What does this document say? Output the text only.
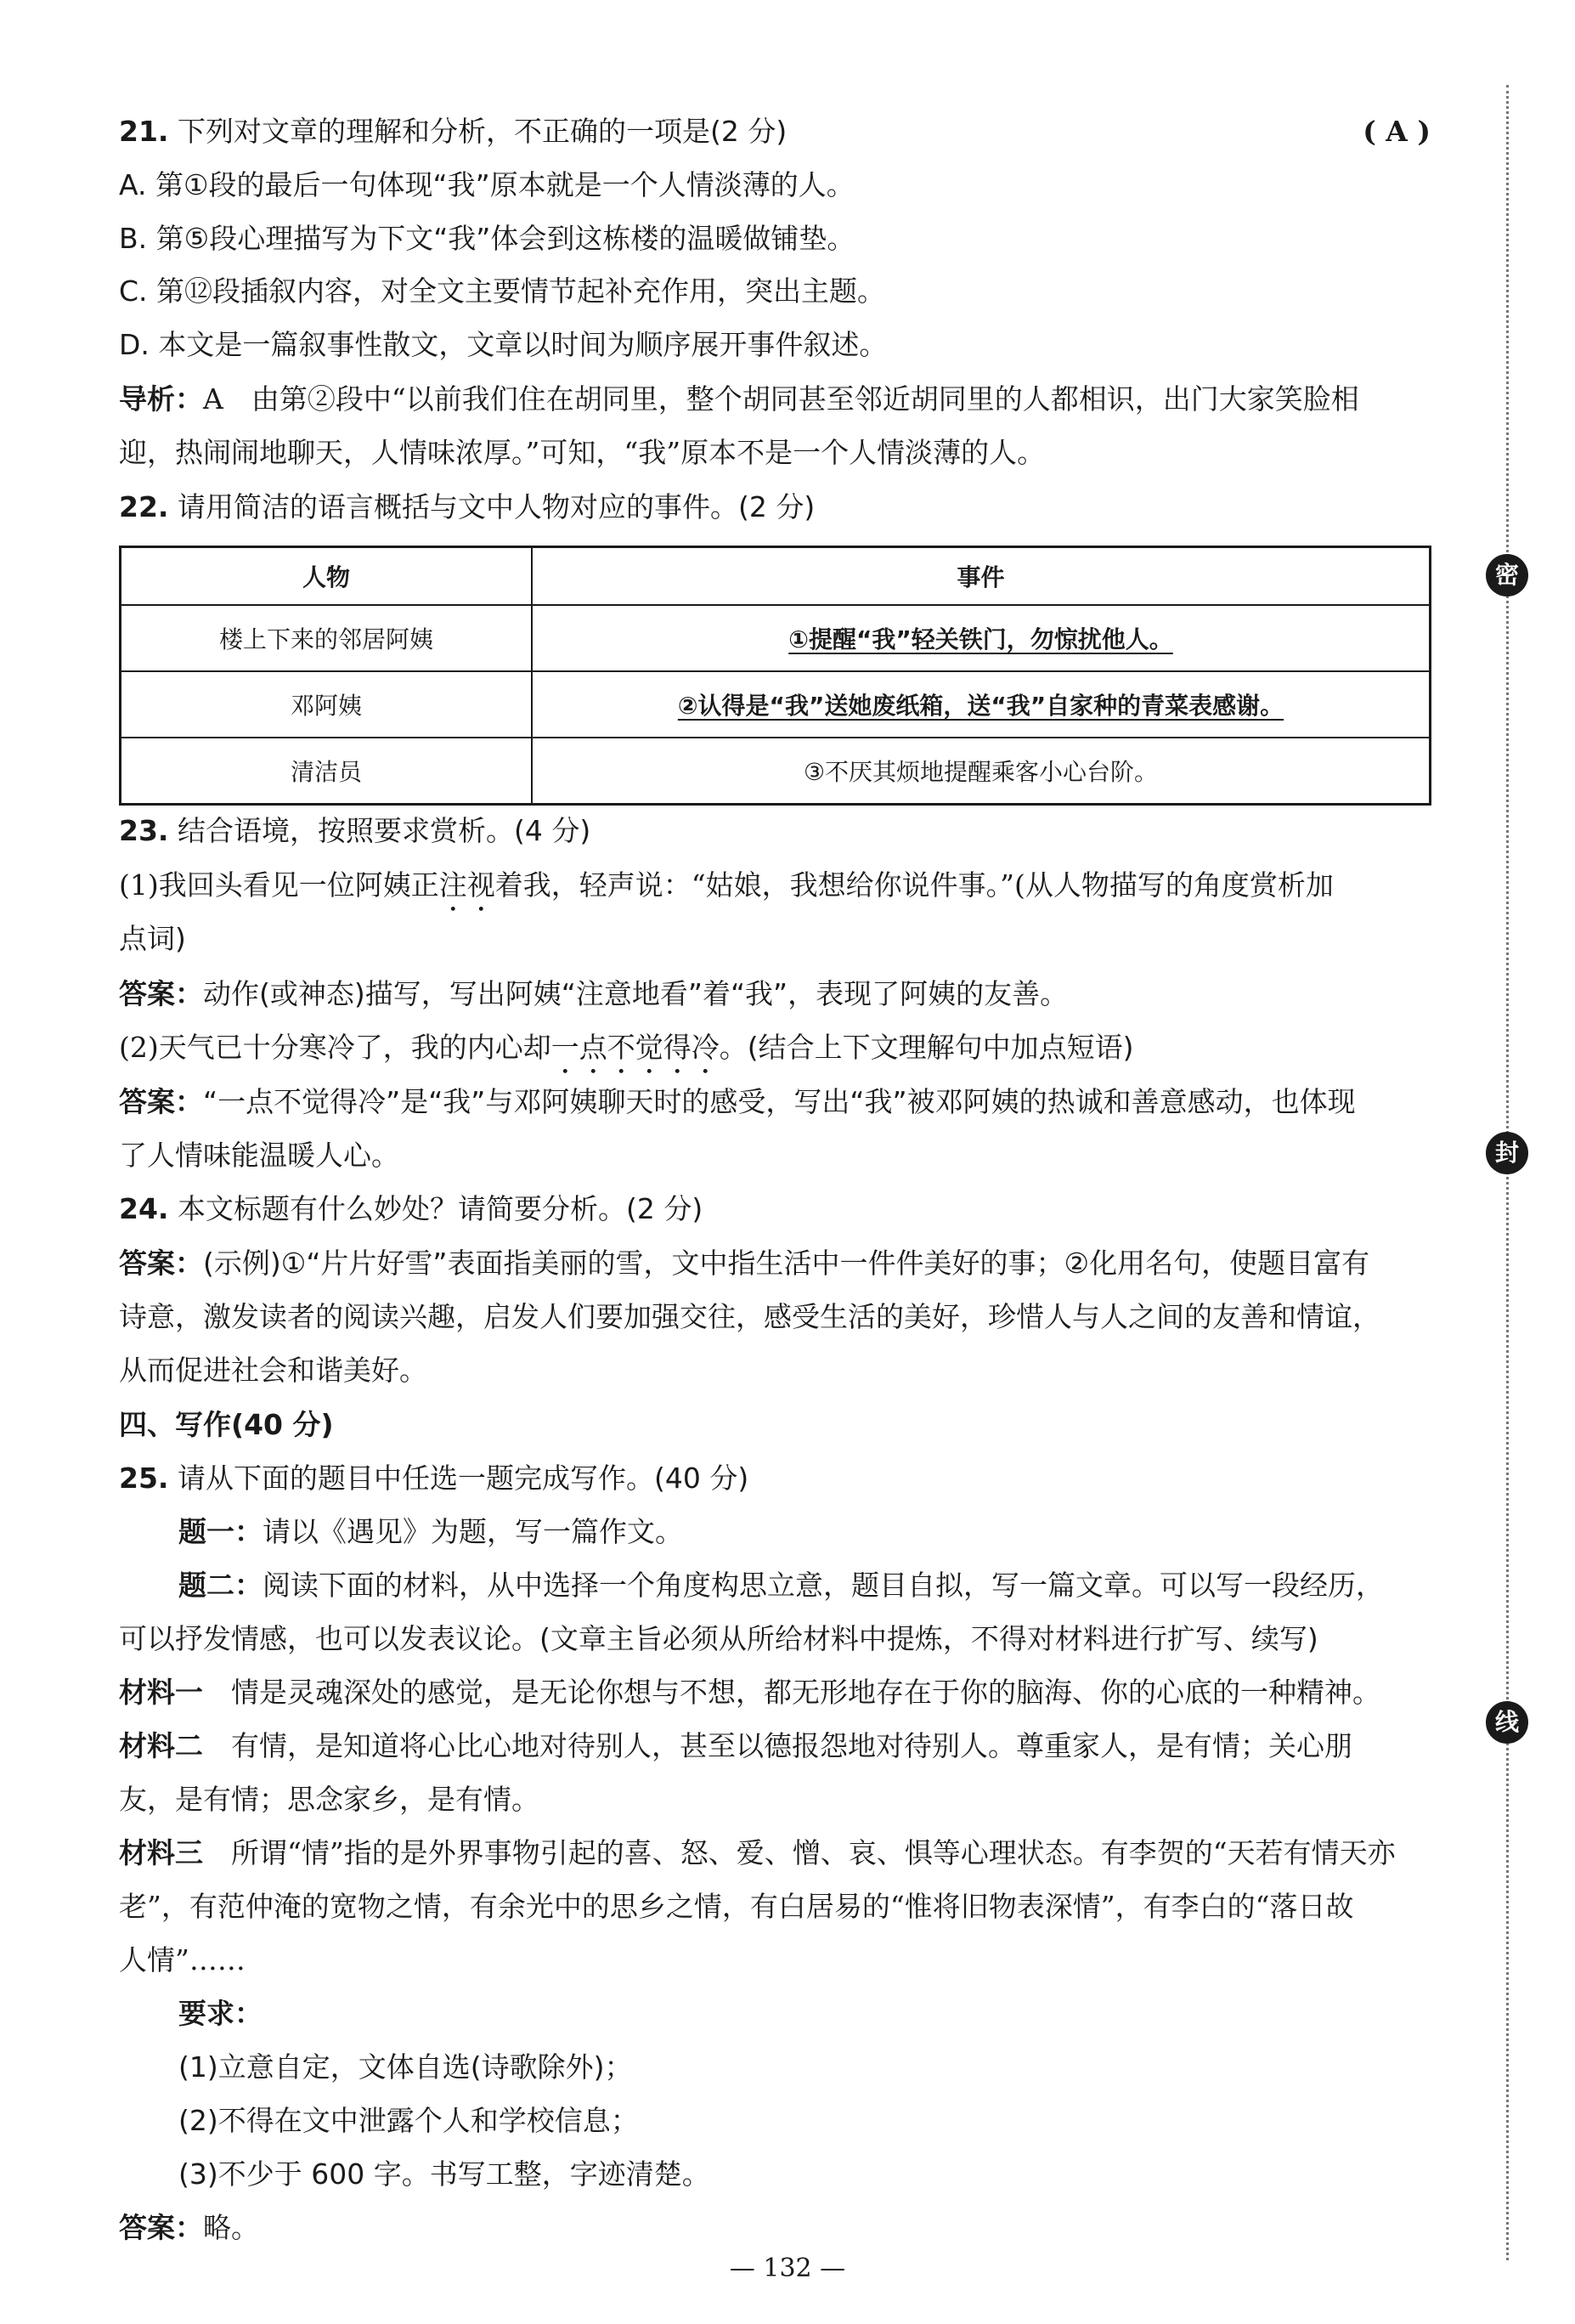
21. 下列对文章的理解和分析，不正确的一项是(2 分)	( A )
A. 第①段的最后一句体现“我”原本就是一个人情淡薄的人。
B. 第⑤段心理描写为下文“我”体会到这栋楼的温暖做铺垫。
C. 第⑫段插叙内容，对全文主要情节起补充作用，突出主题。
D. 本文是一篇叙事性散文，文章以时间为顺序展开事件叙述。
导析：A　由第②段中“以前我们住在胡同里，整个胡同甚至邻近胡同里的人都相识，出门大家笑脸相
迎，热闹闹地聊天，人情味浓厚。”可知，“我”原本不是一个人情淡薄的人。
22. 请用简洁的语言概括与文中人物对应的事件。(2 分)
人物	事件
楼上下来的邻居阿姨	①提醒“我”轻关铁门，勿惊扰他人。
邓阿姨	②认得是“我”送她废纸箱，送“我”自家种的青菜表感谢。
清洁员	③不厌其烦地提醒乘客小心台阶。
23. 结合语境，按照要求赏析。(4 分)
(1)我回头看见一位阿姨正注视着我，轻声说：“姑娘，我想给你说件事。”(从人物描写的角度赏析加
点词)
答案：动作(或神态)描写，写出阿姨“注意地看”着“我”，表现了阿姨的友善。
(2)天气已十分寒冷了，我的内心却一点不觉得冷。(结合上下文理解句中加点短语)
答案：“一点不觉得冷”是“我”与邓阿姨聊天时的感受，写出“我”被邓阿姨的热诚和善意感动，也体现
了人情味能温暖人心。
24. 本文标题有什么妙处？请简要分析。(2 分)
答案：(示例)①“片片好雪”表面指美丽的雪，文中指生活中一件件美好的事；②化用名句，使题目富有
诗意，激发读者的阅读兴趣，启发人们要加强交往，感受生活的美好，珍惜人与人之间的友善和情谊，
从而促进社会和谐美好。
四、写作(40 分)
25. 请从下面的题目中任选一题完成写作。(40 分)
题一：请以《遇见》为题，写一篇作文。
题二：阅读下面的材料，从中选择一个角度构思立意，题目自拟，写一篇文章。可以写一段经历，
可以抒发情感，也可以发表议论。(文章主旨必须从所给材料中提炼，不得对材料进行扩写、续写)
材料一　 情是灵魂深处的感觉，是无论你想与不想，都无形地存在于你的脑海、你的心底的一种精神。
材料二　 有情，是知道将心比心地对待别人，甚至以德报怨地对待别人。尊重家人，是有情；关心朋
友，是有情；思念家乡，是有情。
材料三　 所谓“情”指的是外界事物引起的喜、怒、爱、憎、哀、惧等心理状态。有李贺的“天若有情天亦
老”，有范仲淹的宽物之情，有余光中的思乡之情，有白居易的“惟将旧物表深情”，有李白的“落日故
人情”……
要求：
(1)立意自定，文体自选(诗歌除外)；
(2)不得在文中泄露个人和学校信息；
(3)不少于 600 字。书写工整，字迹清楚。
答案：略。
密
封
线
— 132 —
